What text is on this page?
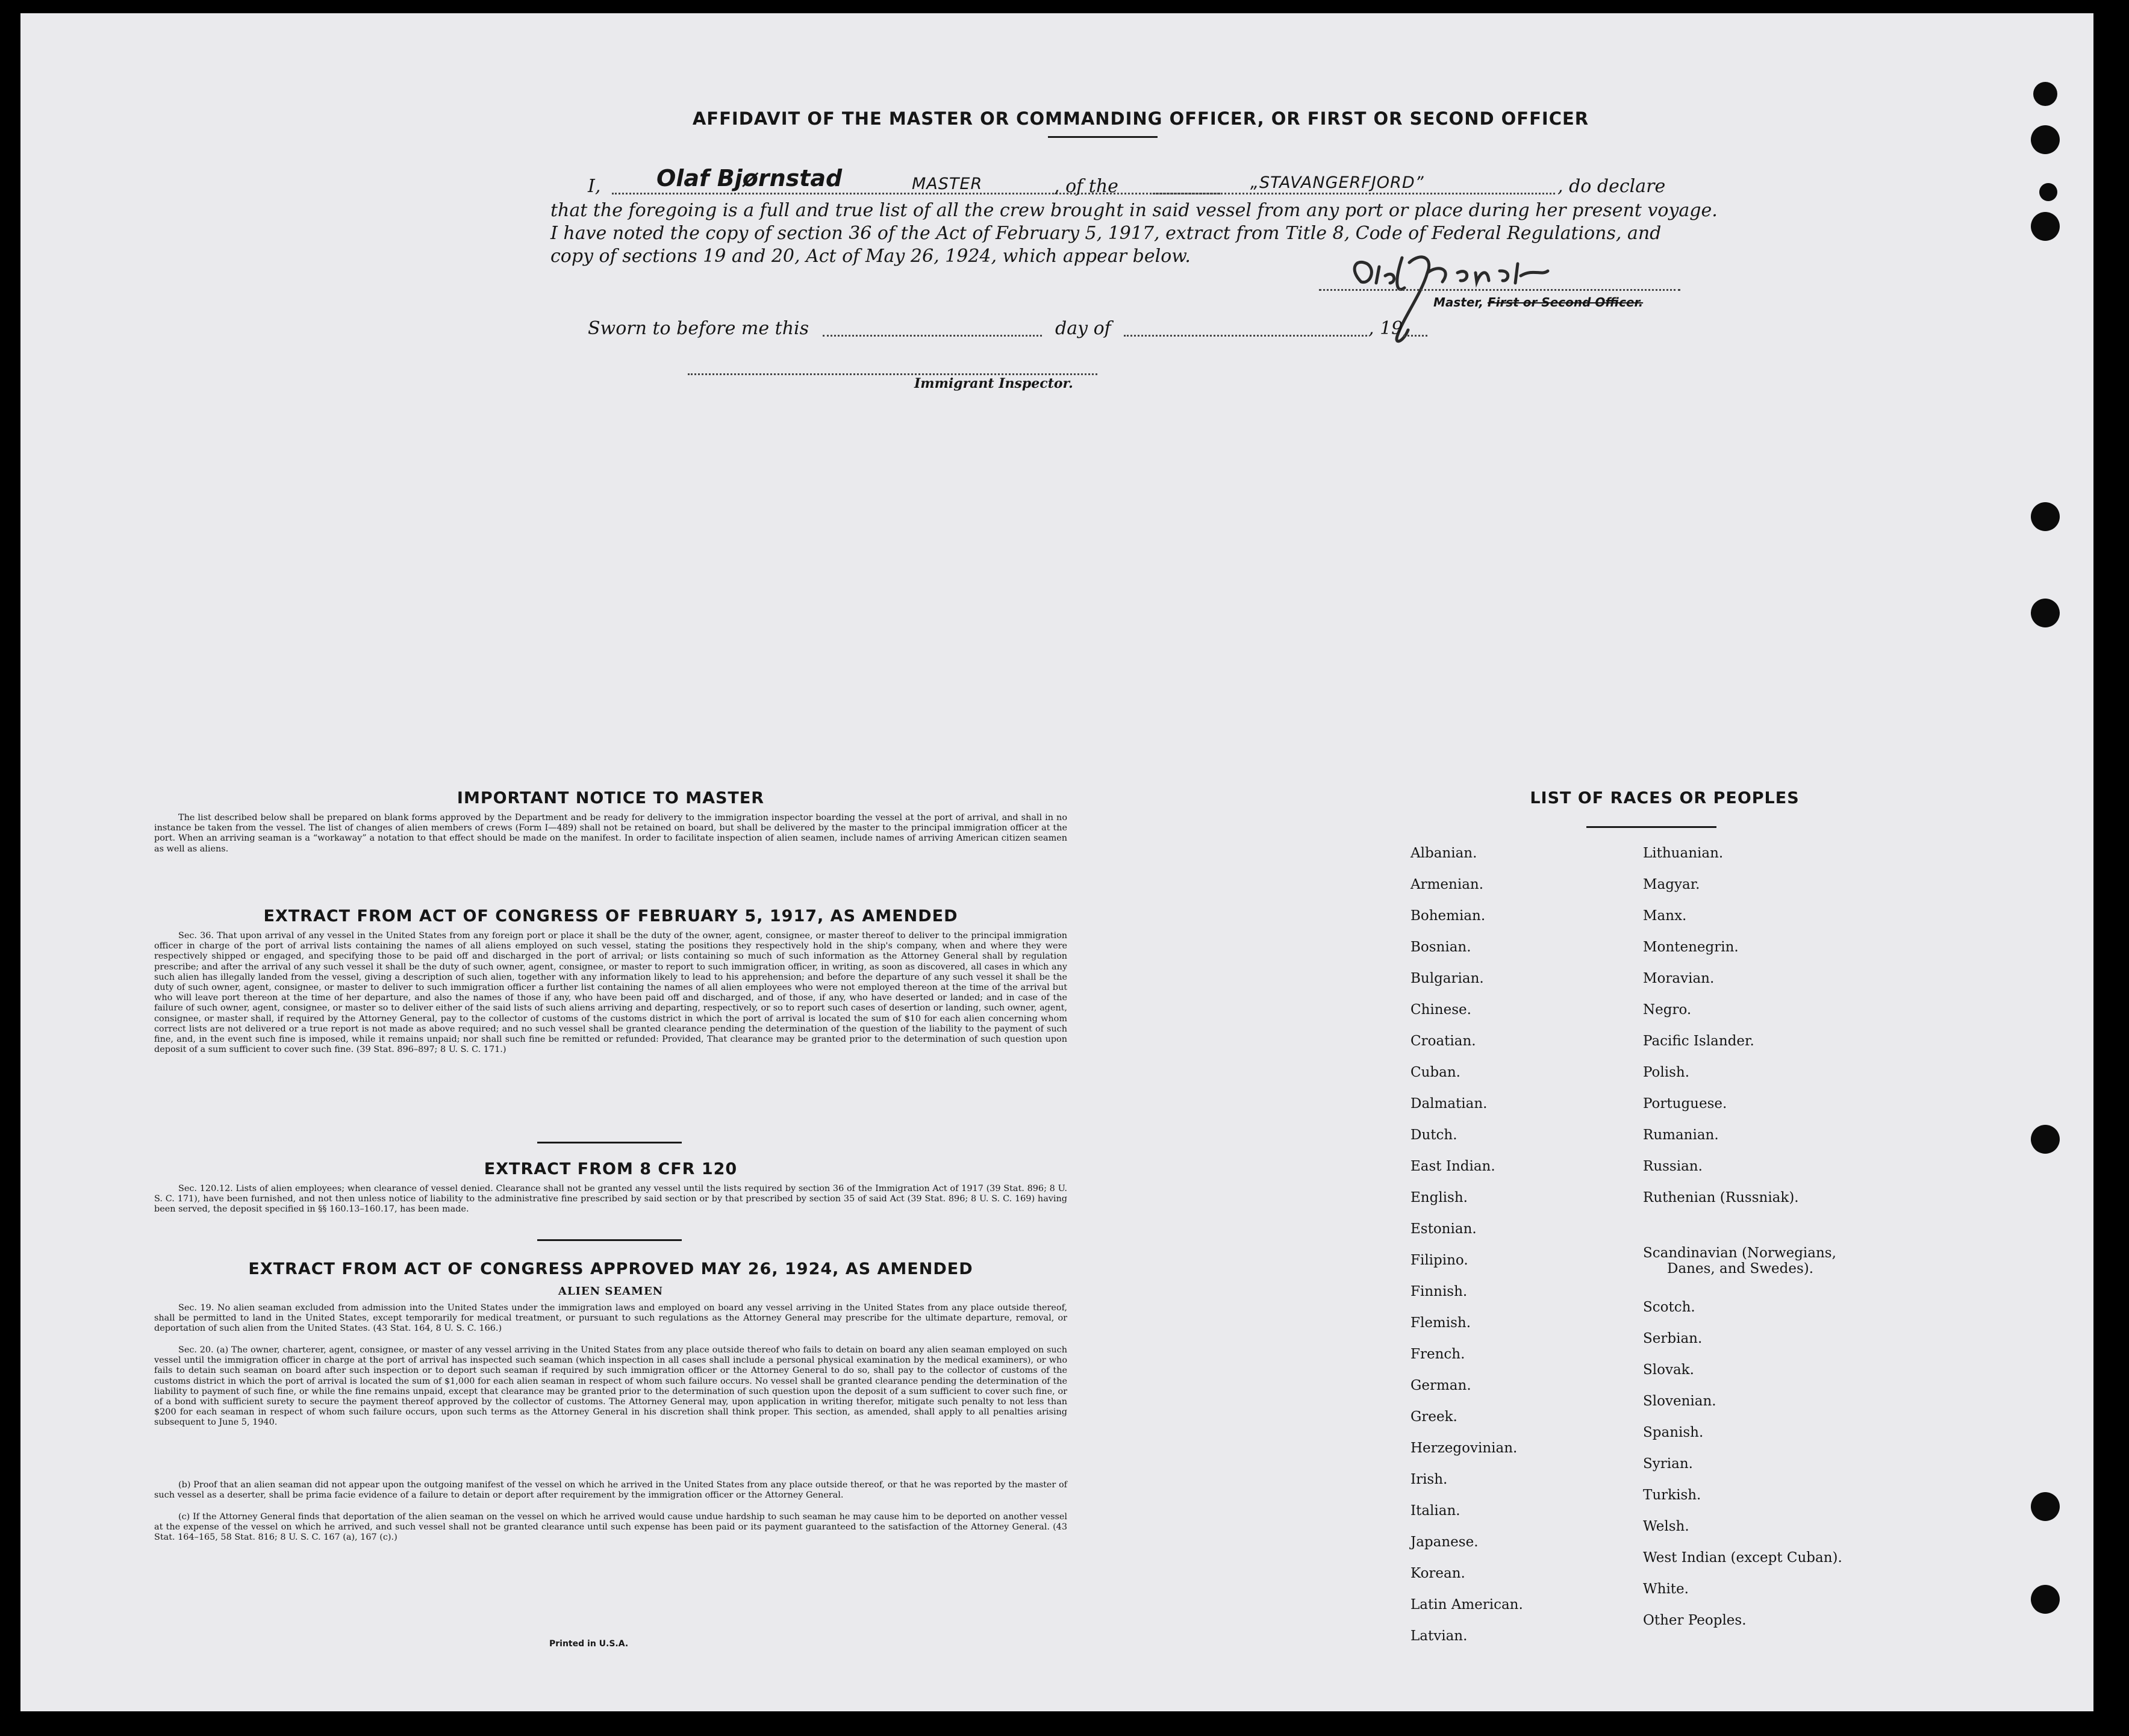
AFFIDAVIT OF THE MASTER OR COMMANDING OFFICER, OR FIRST OR SECOND OFFICER
I, Olaf Bjørnstad	MASTER	, of the	„STAVANGERFJORD”	, do declare
that the foregoing is a full and true list of all the crew brought in said vessel from any port or place during her present voyage.
I have noted the copy of section 36 of the Act of February 5, 1917, extract from Title 8, Code of Federal Regulations, and
copy of sections 19 and 20, Act of May 26, 1924, which appear below.
Master, First or Second Officer.
Sworn to before me this	day of	, 19
Immigrant Inspector.
IMPORTANT NOTICE TO MASTER
The list described below shall be prepared on blank forms approved by the Department and be ready for delivery to the immigration inspector boarding the vessel at the port of arrival, and shall in no instance be taken from the vessel. The list of changes of alien members of crews (Form I—489) shall not be retained on board, but shall be delivered by the master to the principal immigration officer at the port. When an arriving seaman is a “workaway” a notation to that effect should be made on the manifest. In order to facilitate inspection of alien seamen, include names of arriving American citizen seamen as well as aliens.
EXTRACT FROM ACT OF CONGRESS OF FEBRUARY 5, 1917, AS AMENDED
Sec. 36. That upon arrival of any vessel in the United States from any foreign port or place it shall be the duty of the owner, agent, consignee, or master thereof to deliver to the principal immigration officer in charge of the port of arrival lists containing the names of all aliens employed on such vessel, stating the positions they respectively hold in the ship's company, when and where they were respectively shipped or engaged, and specifying those to be paid off and discharged in the port of arrival; or lists containing so much of such information as the Attorney General shall by regulation prescribe; and after the arrival of any such vessel it shall be the duty of such owner, agent, consignee, or master to report to such immigration officer, in writing, as soon as discovered, all cases in which any such alien has illegally landed from the vessel, giving a description of such alien, together with any information likely to lead to his apprehension; and before the departure of any such vessel it shall be the duty of such owner, agent, consignee, or master to deliver to such immigration officer a further list containing the names of all alien employees who were not employed thereon at the time of the arrival but who will leave port thereon at the time of her departure, and also the names of those if any, who have been paid off and discharged, and of those, if any, who have deserted or landed; and in case of the failure of such owner, agent, consignee, or master so to deliver either of the said lists of such aliens arriving and departing, respectively, or so to report such cases of desertion or landing, such owner, agent, consignee, or master shall, if required by the Attorney General, pay to the collector of customs of the customs district in which the port of arrival is located the sum of $10 for each alien concerning whom correct lists are not delivered or a true report is not made as above required; and no such vessel shall be granted clearance pending the determination of the question of the liability to the payment of such fine, and, in the event such fine is imposed, while it remains unpaid; nor shall such fine be remitted or refunded: Provided, That clearance may be granted prior to the determination of such question upon deposit of a sum sufficient to cover such fine. (39 Stat. 896–897; 8 U. S. C. 171.)
EXTRACT FROM 8 CFR 120
Sec. 120.12. Lists of alien employees; when clearance of vessel denied. Clearance shall not be granted any vessel until the lists required by section 36 of the Immigration Act of 1917 (39 Stat. 896; 8 U. S. C. 171), have been furnished, and not then unless notice of liability to the administrative fine prescribed by said section or by that prescribed by section 35 of said Act (39 Stat. 896; 8 U. S. C. 169) having been served, the deposit specified in §§ 160.13–160.17, has been made.
EXTRACT FROM ACT OF CONGRESS APPROVED MAY 26, 1924, AS AMENDED
ALIEN SEAMEN
Sec. 19. No alien seaman excluded from admission into the United States under the immigration laws and employed on board any vessel arriving in the United States from any place outside thereof, shall be permitted to land in the United States, except temporarily for medical treatment, or pursuant to such regulations as the Attorney General may prescribe for the ultimate departure, removal, or deportation of such alien from the United States. (43 Stat. 164, 8 U. S. C. 166.)
Sec. 20. (a) The owner, charterer, agent, consignee, or master of any vessel arriving in the United States from any place outside thereof who fails to detain on board any alien seaman employed on such vessel until the immigration officer in charge at the port of arrival has inspected such seaman (which inspection in all cases shall include a personal physical examination by the medical examiners), or who fails to detain such seaman on board after such inspection or to deport such seaman if required by such immigration officer or the Attorney General to do so, shall pay to the collector of customs of the customs district in which the port of arrival is located the sum of $1,000 for each alien seaman in respect of whom such failure occurs. No vessel shall be granted clearance pending the determination of the liability to payment of such fine, or while the fine remains unpaid, except that clearance may be granted prior to the determination of such question upon the deposit of a sum sufficient to cover such fine, or of a bond with sufficient surety to secure the payment thereof approved by the collector of customs. The Attorney General may, upon application in writing therefor, mitigate such penalty to not less than $200 for each seaman in respect of whom such failure occurs, upon such terms as the Attorney General in his discretion shall think proper. This section, as amended, shall apply to all penalties arising subsequent to June 5, 1940.
(b) Proof that an alien seaman did not appear upon the outgoing manifest of the vessel on which he arrived in the United States from any place outside thereof, or that he was reported by the master of such vessel as a deserter, shall be prima facie evidence of a failure to detain or deport after requirement by the immigration officer or the Attorney General.
(c) If the Attorney General finds that deportation of the alien seaman on the vessel on which he arrived would cause undue hardship to such seaman he may cause him to be deported on another vessel at the expense of the vessel on which he arrived, and such vessel shall not be granted clearance until such expense has been paid or its payment guaranteed to the satisfaction of the Attorney General. (43 Stat. 164–165, 58 Stat. 816; 8 U. S. C. 167 (a), 167 (c).)
Printed in U.S.A.
LIST OF RACES OR PEOPLES
Albanian.
Armenian.
Bohemian.
Bosnian.
Bulgarian.
Chinese.
Croatian.
Cuban.
Dalmatian.
Dutch.
East Indian.
English.
Estonian.
Filipino.
Finnish.
Flemish.
French.
German.
Greek.
Herzegovinian.
Irish.
Italian.
Japanese.
Korean.
Latin American.
Latvian.
Lithuanian.
Magyar.
Manx.
Montenegrin.
Moravian.
Negro.
Pacific Islander.
Polish.
Portuguese.
Rumanian.
Russian.
Ruthenian (Russniak).
Scandinavian (Norwegians,
Danes, and Swedes).
Scotch.
Serbian.
Slovak.
Slovenian.
Spanish.
Syrian.
Turkish.
Welsh.
West Indian (except Cuban).
White.
Other Peoples.
